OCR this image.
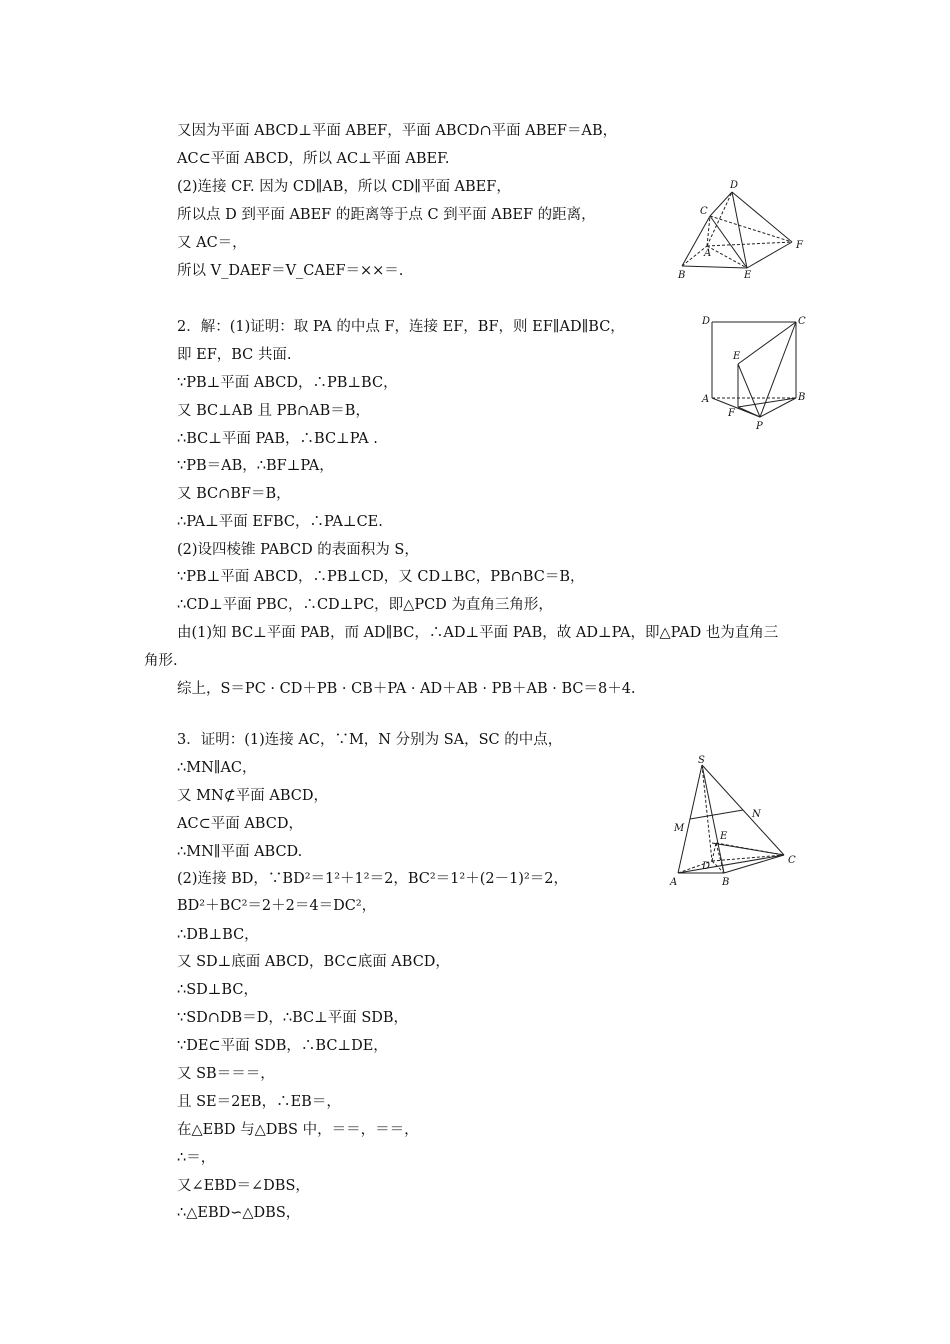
又因为平面 ABCD⊥平面 ABEF，平面 ABCD∩平面 ABEF＝AB，
AC⊂平面 ABCD，所以 AC⊥平面 ABEF.
(2)连接 CF. 因为 CD∥AB，所以 CD∥平面 ABEF，
所以点 D 到平面 ABEF 的距离等于点 C 到平面 ABEF 的距离，
又 AC＝，
所以 V_DAEF＝V_CAEF＝××＝.
D
C
A
F
B	E
2．解：(1)证明：取 PA 的中点 F，连接 EF，BF，则 EF∥AD∥BC，
即 EF，BC 共面.
∵PB⊥平面 ABCD，∴PB⊥BC，
又 BC⊥AB 且 PB∩AB＝B，
∴BC⊥平面 PAB，∴BC⊥PA .
∵PB＝AB，∴BF⊥PA，
又 BC∩BF＝B，
∴PA⊥平面 EFBC，∴PA⊥CE.
(2)设四棱锥 PABCD 的表面积为 S，
∵PB⊥平面 ABCD，∴PB⊥CD，又 CD⊥BC，PB∩BC＝B，
∴CD⊥平面 PBC，∴CD⊥PC，即△PCD 为直角三角形，
由(1)知 BC⊥平面 PAB，而 AD∥BC，∴AD⊥平面 PAB，故 AD⊥PA，即△PAD 也为直角三
角形.
综上，S＝PC · CD＋PB · CB＋PA · AD＋AB · PB＋AB · BC＝8＋4.
D	C
E
A	B
F
P
3．证明：(1)连接 AC，∵M，N 分别为 SA，SC 的中点，
∴MN∥AC，
又 MN⊄平面 ABCD，
AC⊂平面 ABCD，
∴MN∥平面 ABCD.
(2)连接 BD，∵BD²＝1²＋1²＝2，BC²＝1²＋(2－1)²＝2，
BD²＋BC²＝2＋2＝4＝DC²，
∴DB⊥BC，
又 SD⊥底面 ABCD，BC⊂底面 ABCD，
∴SD⊥BC，
∵SD∩DB＝D，∴BC⊥平面 SDB，
∵DE⊂平面 SDB，∴BC⊥DE，
又 SB＝＝＝，
且 SE＝2EB，∴EB＝，
在△EBD 与△DBS 中，＝＝，＝＝，
∴＝，
又∠EBD＝∠DBS，
∴△EBD∽△DBS，
S
N
M
E
D
C
A	B
